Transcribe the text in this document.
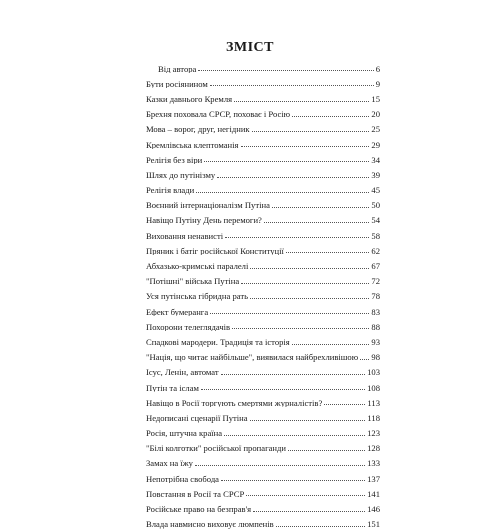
ЗМІСТ
Від автора	6
Бути росіянином	9
Казки давнього Кремля	15
Брехня поховала СРСР, поховає і Росію	20
Мова – ворог, друг, негідник	25
Кремлівська клептоманія	29
Релігія без віри	34
Шлях до путінізму	39
Релігія влади	45
Воєнний інтернаціоналізм Путіна	50
Навіщо Путіну День перемоги?	54
Виховання ненависті	58
Пряник і батіг російської Конституції	62
Абхазько-кримські паралелі	67
"Потішні" війська Путіна	72
Уся путінська гібридна рать	78
Ефект бумеранга	83
Похорони телеглядачів	88
Спадкові мародери. Традиція та історія	93
"Нація, що читає найбільше", виявилася найбрехливішою 98
Ісус, Ленін, автомат	103
Путін та іслам	108
Навіщо в Росії торгують смертями журналістів?	113
Недописані сценарії Путіна	118
Росія, штучна країна	123
"Білі колготки" російської пропаганди	128
Замах на їжу	133
Непотрібна свобода	137
Повстання в Росії та СРСР	141
Російське право на безправ'я	146
Влада навмисно виховує люмпенів	151
